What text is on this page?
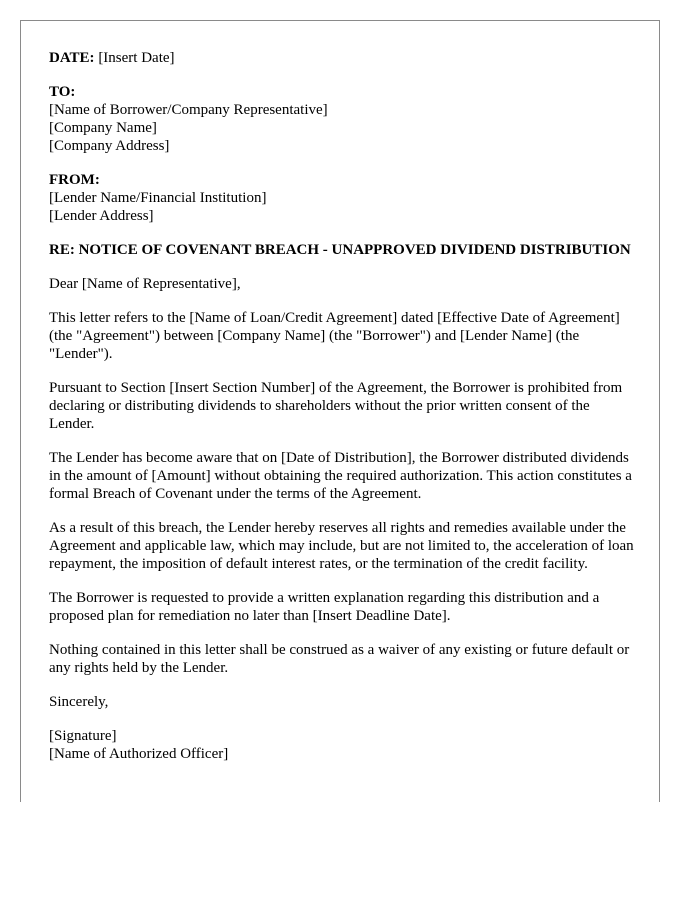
DATE: [Insert Date]
TO:
[Name of Borrower/Company Representative]
[Company Name]
[Company Address]
FROM:
[Lender Name/Financial Institution]
[Lender Address]

RE: NOTICE OF COVENANT BREACH - UNAPPROVED DIVIDEND DISTRIBUTION

Dear [Name of Representative],

This letter refers to the [Name of Loan/Credit Agreement] dated [Effective Date of Agreement] (the "Agreement") between [Company Name] (the "Borrower") and [Lender Name] (the "Lender").

Pursuant to Section [Insert Section Number] of the Agreement, the Borrower is prohibited from declaring or distributing dividends to shareholders without the prior written consent of the Lender.

The Lender has become aware that on [Date of Distribution], the Borrower distributed dividends in the amount of [Amount] without obtaining the required authorization. This action constitutes a formal Breach of Covenant under the terms of the Agreement.

As a result of this breach, the Lender hereby reserves all rights and remedies available under the Agreement and applicable law, which may include, but are not limited to, the acceleration of loan repayment, the imposition of default interest rates, or the termination of the credit facility.

The Borrower is requested to provide a written explanation regarding this distribution and a proposed plan for remediation no later than [Insert Deadline Date].

Nothing contained in this letter shall be construed as a waiver of any existing or future default or any rights held by the Lender.

Sincerely,

[Signature]
[Name of Authorized Officer]
